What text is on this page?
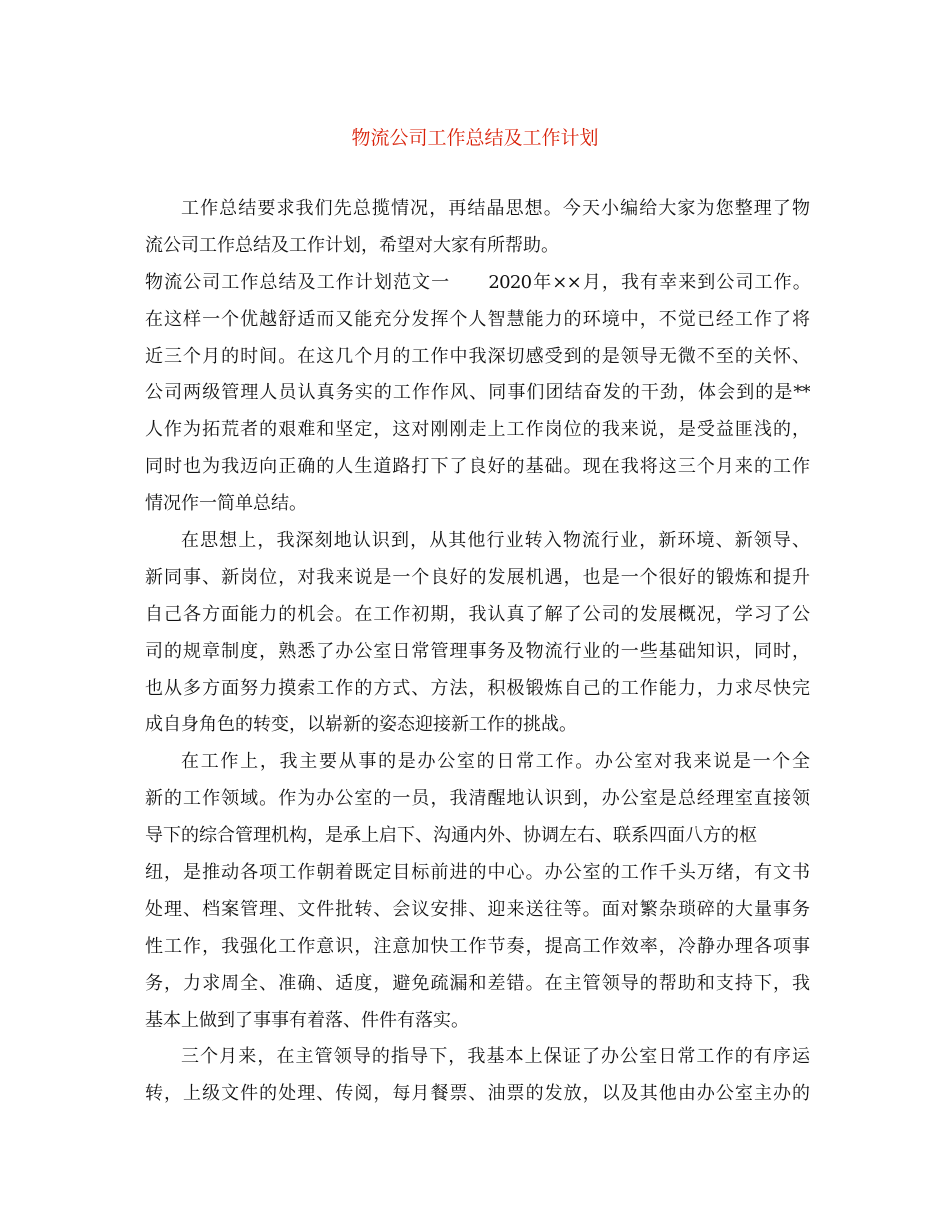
物流公司工作总结及工作计划
工作总结要求我们先总揽情况，再结晶思想。今天小编给大家为您整理了物
流公司工作总结及工作计划，希望对大家有所帮助。
物流公司工作总结及工作计划范文一　　2020年××月，我有幸来到公司工作。
在这样一个优越舒适而又能充分发挥个人智慧能力的环境中，不觉已经工作了将
近三个月的时间。在这几个月的工作中我深切感受到的是领导无微不至的关怀、
公司两级管理人员认真务实的工作作风、同事们团结奋发的干劲，体会到的是**
人作为拓荒者的艰难和坚定，这对刚刚走上工作岗位的我来说，是受益匪浅的，
同时也为我迈向正确的人生道路打下了良好的基础。现在我将这三个月来的工作
情况作一简单总结。
在思想上，我深刻地认识到，从其他行业转入物流行业，新环境、新领导、
新同事、新岗位，对我来说是一个良好的发展机遇，也是一个很好的锻炼和提升
自己各方面能力的机会。在工作初期，我认真了解了公司的发展概况，学习了公
司的规章制度，熟悉了办公室日常管理事务及物流行业的一些基础知识，同时，
也从多方面努力摸索工作的方式、方法，积极锻炼自己的工作能力，力求尽快完
成自身角色的转变，以崭新的姿态迎接新工作的挑战。
在工作上，我主要从事的是办公室的日常工作。办公室对我来说是一个全
新的工作领域。作为办公室的一员，我清醒地认识到，办公室是总经理室直接领
导下的综合管理机构，是承上启下、沟通内外、协调左右、联系四面八方的枢
纽，是推动各项工作朝着既定目标前进的中心。办公室的工作千头万绪，有文书
处理、档案管理、文件批转、会议安排、迎来送往等。面对繁杂琐碎的大量事务
性工作，我强化工作意识，注意加快工作节奏，提高工作效率，冷静办理各项事
务，力求周全、准确、适度，避免疏漏和差错。在主管领导的帮助和支持下，我
基本上做到了事事有着落、件件有落实。
三个月来，在主管领导的指导下，我基本上保证了办公室日常工作的有序运
转，上级文件的处理、传阅，每月餐票、油票的发放，以及其他由办公室主办的
